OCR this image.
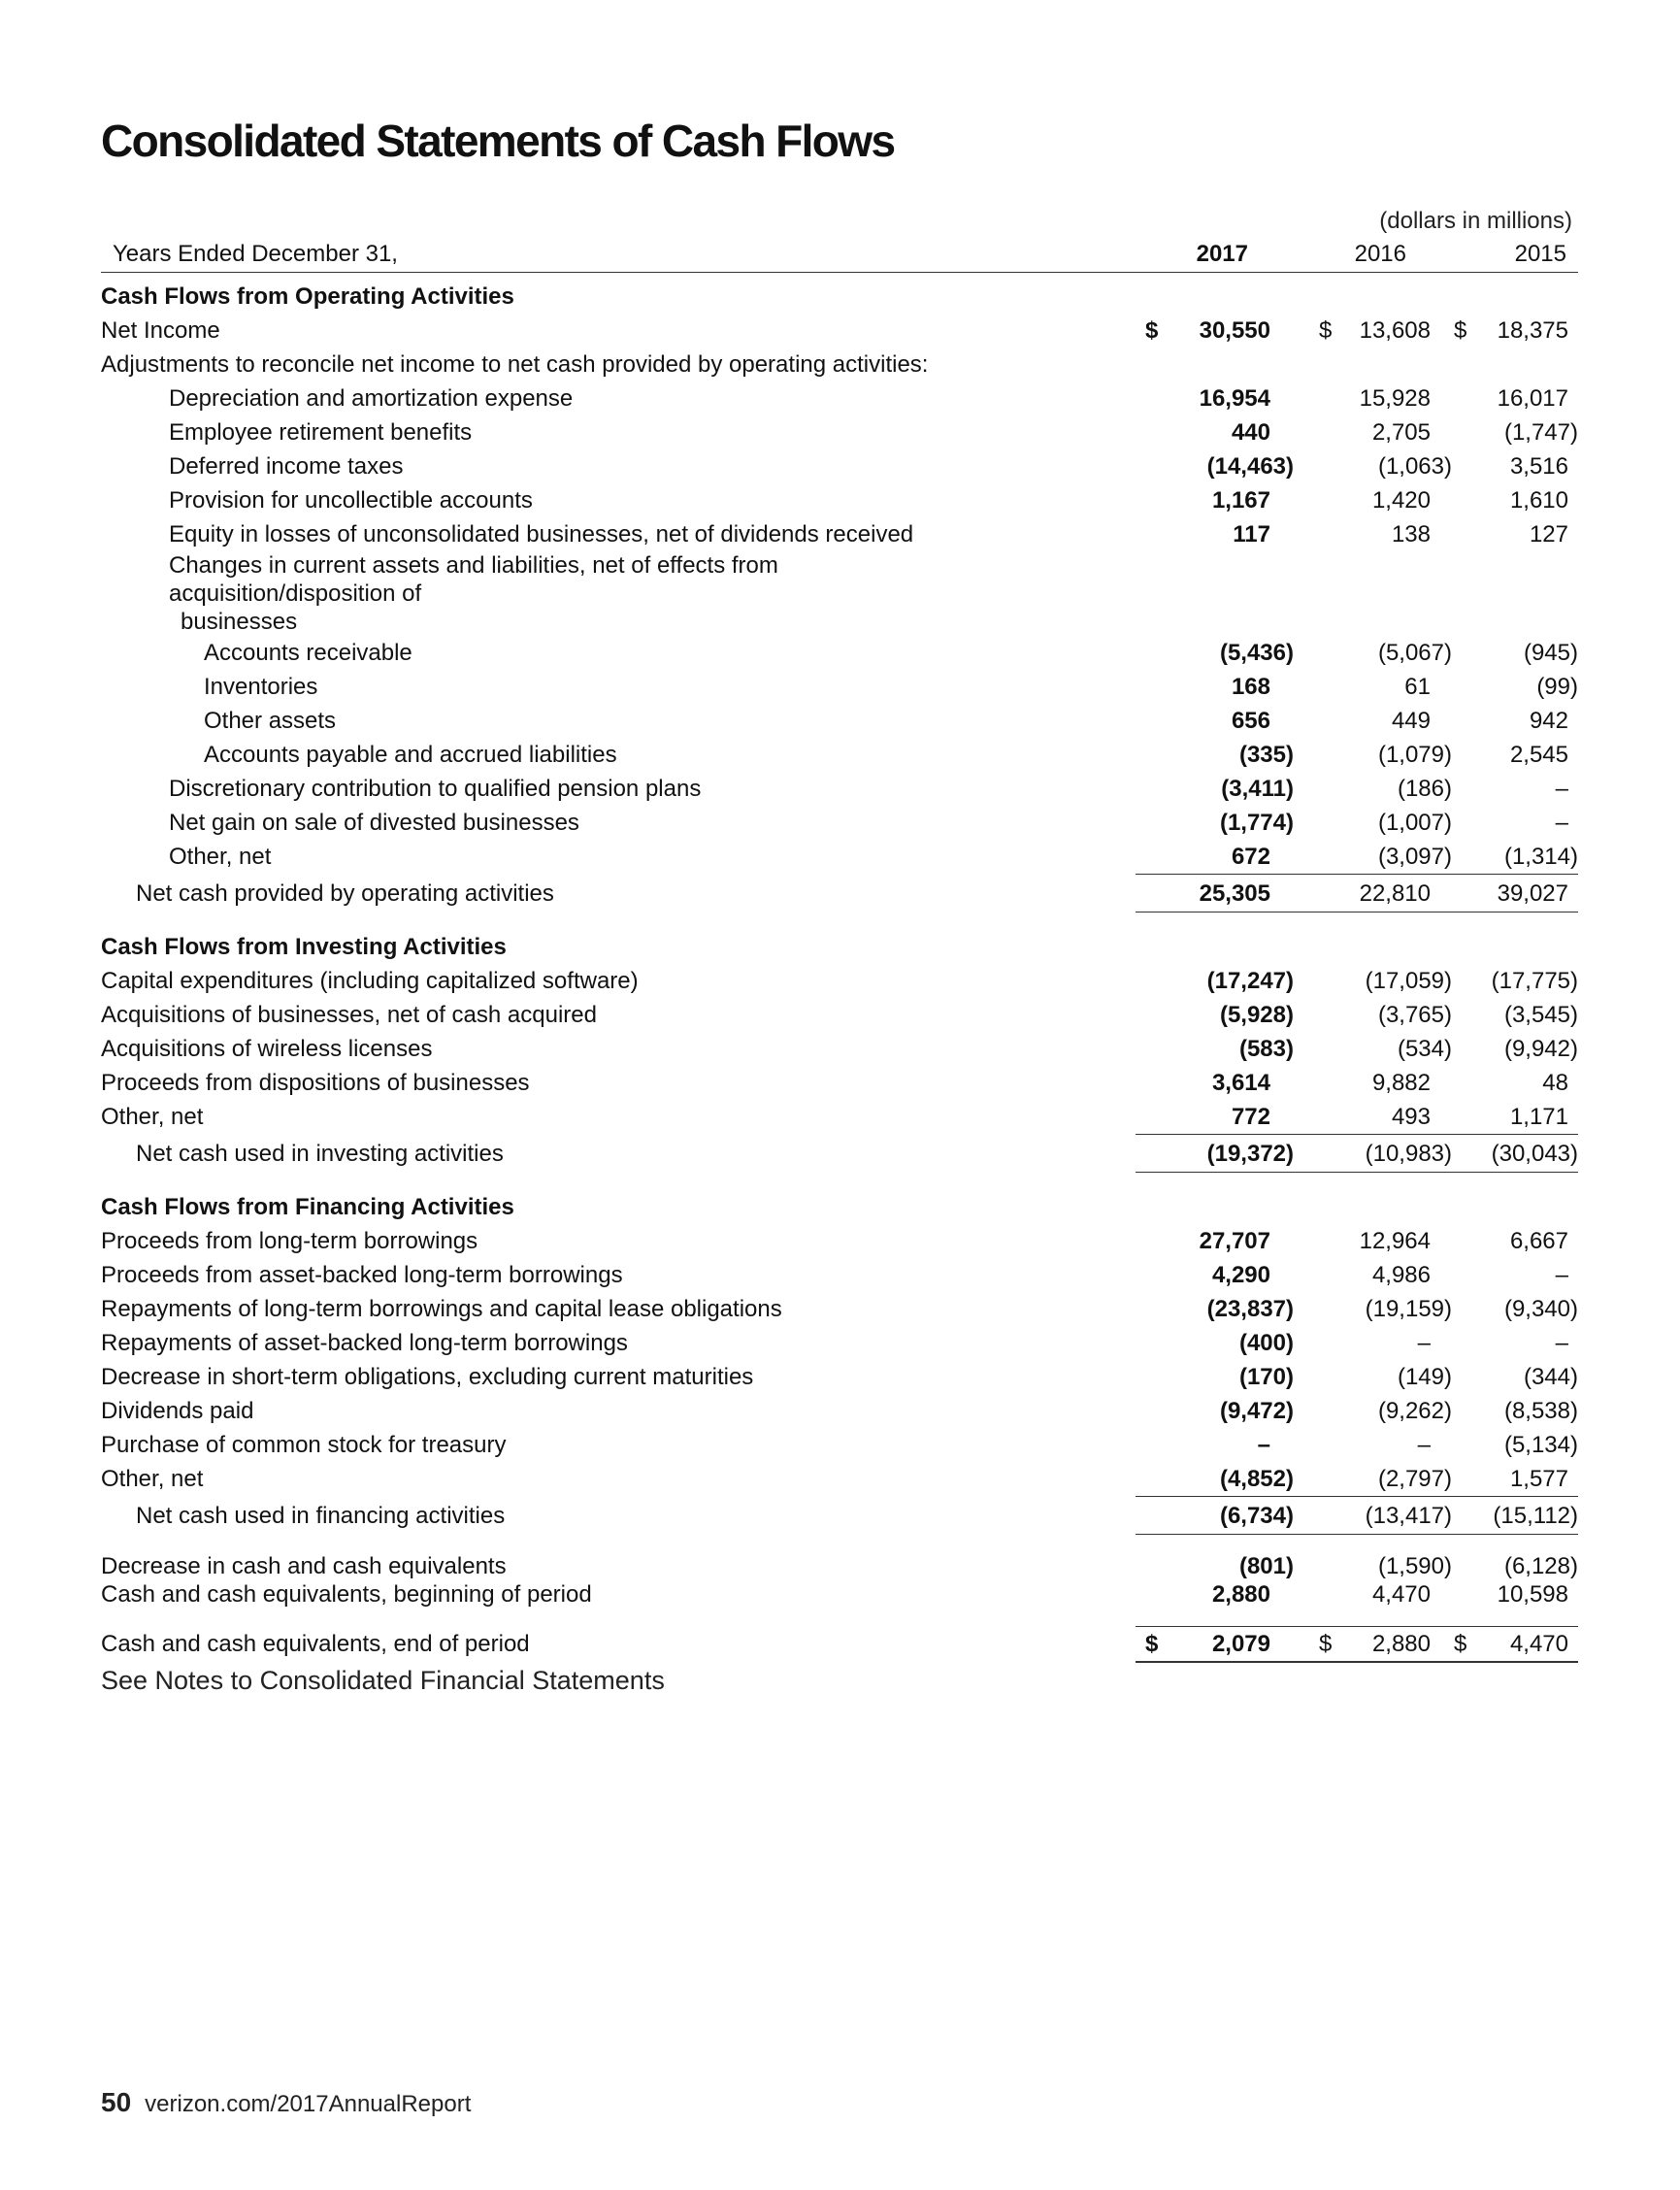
Consolidated Statements of Cash Flows
(dollars in millions)
Years Ended December 31,	2017	2016	2015
Cash Flows from Operating Activities			
Net Income	$ 30,550	$ 13,608	$ 18,375
Adjustments to reconcile net income to net cash provided by operating activities:			
Depreciation and amortization expense	16,954	15,928	16,017
Employee retirement benefits	440	2,705	(1,747)
Deferred income taxes	(14,463)	(1,063)	3,516
Provision for uncollectible accounts	1,167	1,420	1,610
Equity in losses of unconsolidated businesses, net of dividends received	117	138	127
Changes in current assets and liabilities, net of effects from acquisition/disposition of
businesses			
Accounts receivable	(5,436)	(5,067)	(945)
Inventories	168	61	(99)
Other assets	656	449	942
Accounts payable and accrued liabilities	(335)	(1,079)	2,545
Discretionary contribution to qualified pension plans	(3,411)	(186)	–
Net gain on sale of divested businesses	(1,774)	(1,007)	–
Other, net	672	(3,097)	(1,314)
Net cash provided by operating activities	25,305	22,810	39,027

Cash Flows from Investing Activities			
Capital expenditures (including capitalized software)	(17,247)	(17,059)	(17,775)
Acquisitions of businesses, net of cash acquired	(5,928)	(3,765)	(3,545)
Acquisitions of wireless licenses	(583)	(534)	(9,942)
Proceeds from dispositions of businesses	3,614	9,882	48
Other, net	772	493	1,171
Net cash used in investing activities	(19,372)	(10,983)	(30,043)

Cash Flows from Financing Activities			
Proceeds from long-term borrowings	27,707	12,964	6,667
Proceeds from asset-backed long-term borrowings	4,290	4,986	–
Repayments of long-term borrowings and capital lease obligations	(23,837)	(19,159)	(9,340)
Repayments of asset-backed long-term borrowings	(400)	–	–
Decrease in short-term obligations, excluding current maturities	(170)	(149)	(344)
Dividends paid	(9,472)	(9,262)	(8,538)
Purchase of common stock for treasury	–	–	(5,134)
Other, net	(4,852)	(2,797)	1,577
Net cash used in financing activities	(6,734)	(13,417)	(15,112)

Decrease in cash and cash equivalents	(801)	(1,590)	(6,128)
Cash and cash equivalents, beginning of period	2,880	4,470	10,598

Cash and cash equivalents, end of period	$ 2,079	$ 2,880	$ 4,470
See Notes to Consolidated Financial Statements
50 verizon.com/2017AnnualReport
